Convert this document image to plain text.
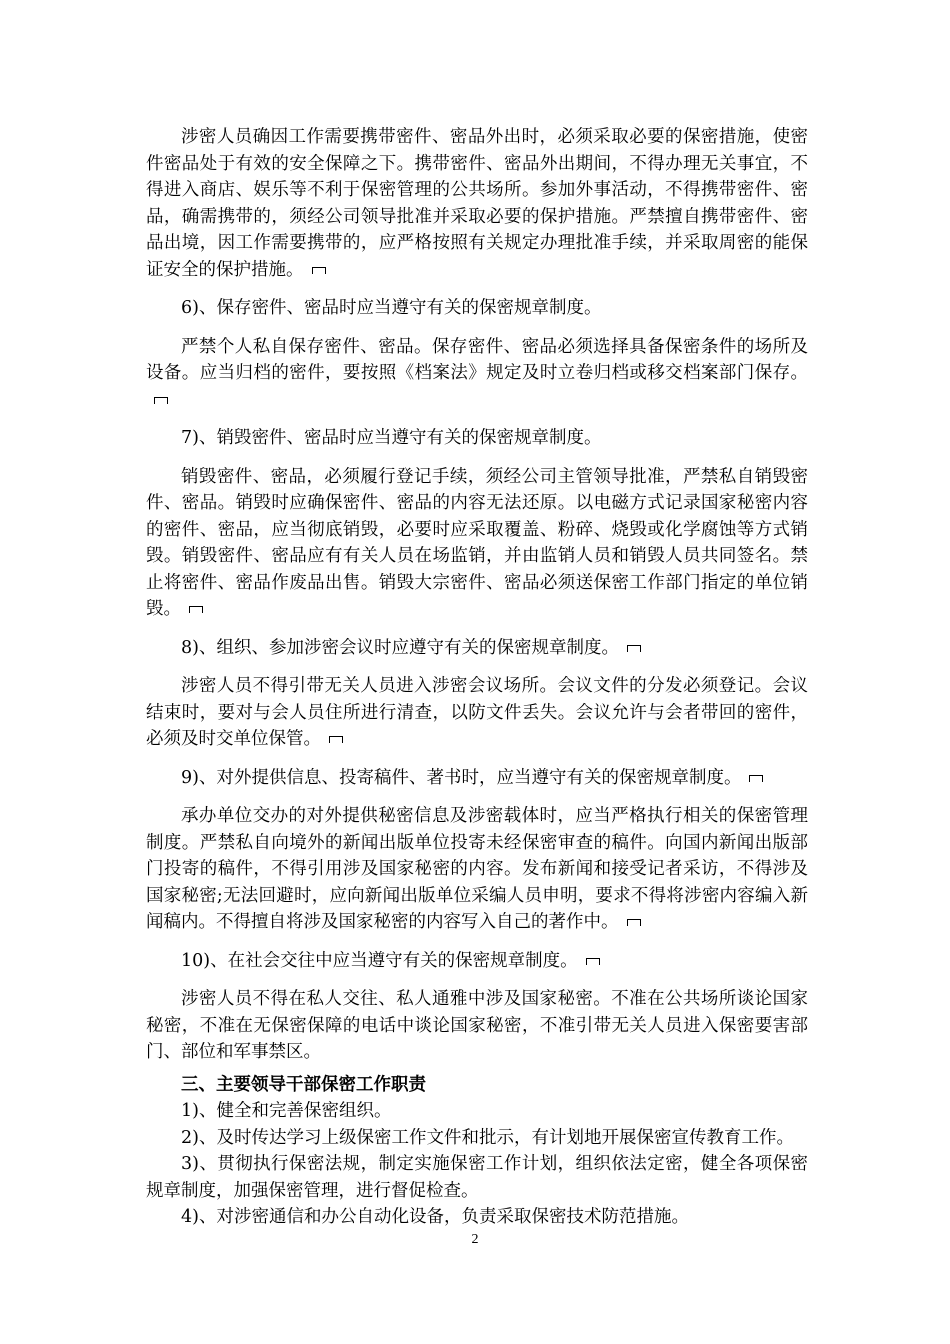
涉密人员确因工作需要携带密件、密品外出时，必须采取必要的保密措施，使密件密品处于有效的安全保障之下。携带密件、密品外出期间，不得办理无关事宜，不得进入商店、娱乐等不利于保密管理的公共场所。参加外事活动，不得携带密件、密品，确需携带的，须经公司领导批准并采取必要的保护措施。严禁擅自携带密件、密品出境，因工作需要携带的，应严格按照有关规定办理批准手续，并采取周密的能保证安全的保护措施。

6)、保存密件、密品时应当遵守有关的保密规章制度。

严禁个人私自保存密件、密品。保存密件、密品必须选择具备保密条件的场所及设备。应当归档的密件，要按照《档案法》规定及时立卷归档或移交档案部门保存。

7)、销毁密件、密品时应当遵守有关的保密规章制度。

销毁密件、密品，必须履行登记手续，须经公司主管领导批准，严禁私自销毁密件、密品。销毁时应确保密件、密品的内容无法还原。以电磁方式记录国家秘密内容的密件、密品，应当彻底销毁，必要时应采取覆盖、粉碎、烧毁或化学腐蚀等方式销毁。销毁密件、密品应有有关人员在场监销，并由监销人员和销毁人员共同签名。禁止将密件、密品作废品出售。销毁大宗密件、密品必须送保密工作部门指定的单位销毁。

8)、组织、参加涉密会议时应遵守有关的保密规章制度。

涉密人员不得引带无关人员进入涉密会议场所。会议文件的分发必须登记。会议结束时，要对与会人员住所进行清查，以防文件丢失。会议允许与会者带回的密件，必须及时交单位保管。

9)、对外提供信息、投寄稿件、著书时，应当遵守有关的保密规章制度。

承办单位交办的对外提供秘密信息及涉密载体时，应当严格执行相关的保密管理制度。严禁私自向境外的新闻出版单位投寄未经保密审查的稿件。向国内新闻出版部门投寄的稿件，不得引用涉及国家秘密的内容。发布新闻和接受记者采访，不得涉及国家秘密;无法回避时，应向新闻出版单位采编人员申明，要求不得将涉密内容编入新闻稿内。不得擅自将涉及国家秘密的内容写入自己的著作中。

10)、在社会交往中应当遵守有关的保密规章制度。

涉密人员不得在私人交往、私人通雅中涉及国家秘密。不准在公共场所谈论国家秘密，不准在无保密保障的电话中谈论国家秘密，不准引带无关人员进入保密要害部门、部位和军事禁区。

三、主要领导干部保密工作职责

1)、健全和完善保密组织。

2)、及时传达学习上级保密工作文件和批示，有计划地开展保密宣传教育工作。

3)、贯彻执行保密法规，制定实施保密工作计划，组织依法定密，健全各项保密规章制度，加强保密管理，进行督促检查。

4)、对涉密通信和办公自动化设备，负责采取保密技术防范措施。

2
